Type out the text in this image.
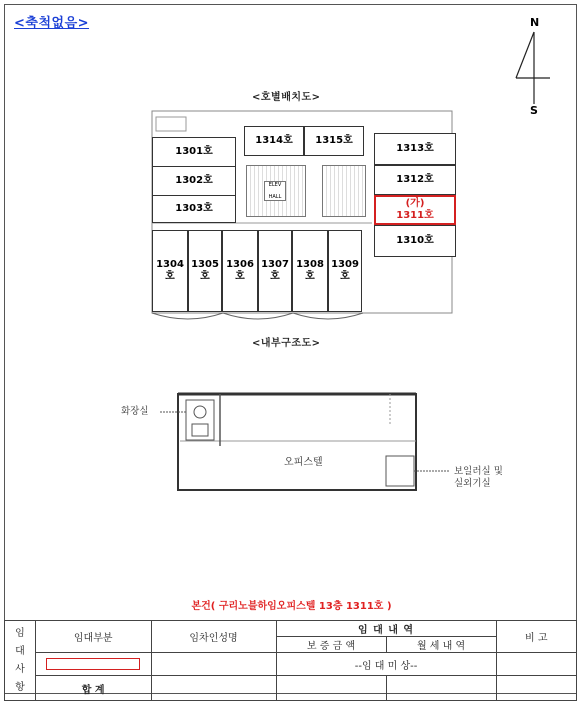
<축척없음>	N
S
<호별배치도>
1314호	1315호
1301호
1302호
1303호
ELEV HALL
1313호
1312호
(가)
1311호
1310호
1304호
1305호
1306호
1307호
1308호
1309호
<내부구조도>
화장실
오피스텔
보일러실 및
실외기실
본건( 구리노블하임오피스텔 13층 1311호 )
임
대
사
항	임대부분	임차인성명	임 대 내 역		비 고
			보 증 금 액	월 세 내 역	
			--임 대 미 상--		
	합 계				
